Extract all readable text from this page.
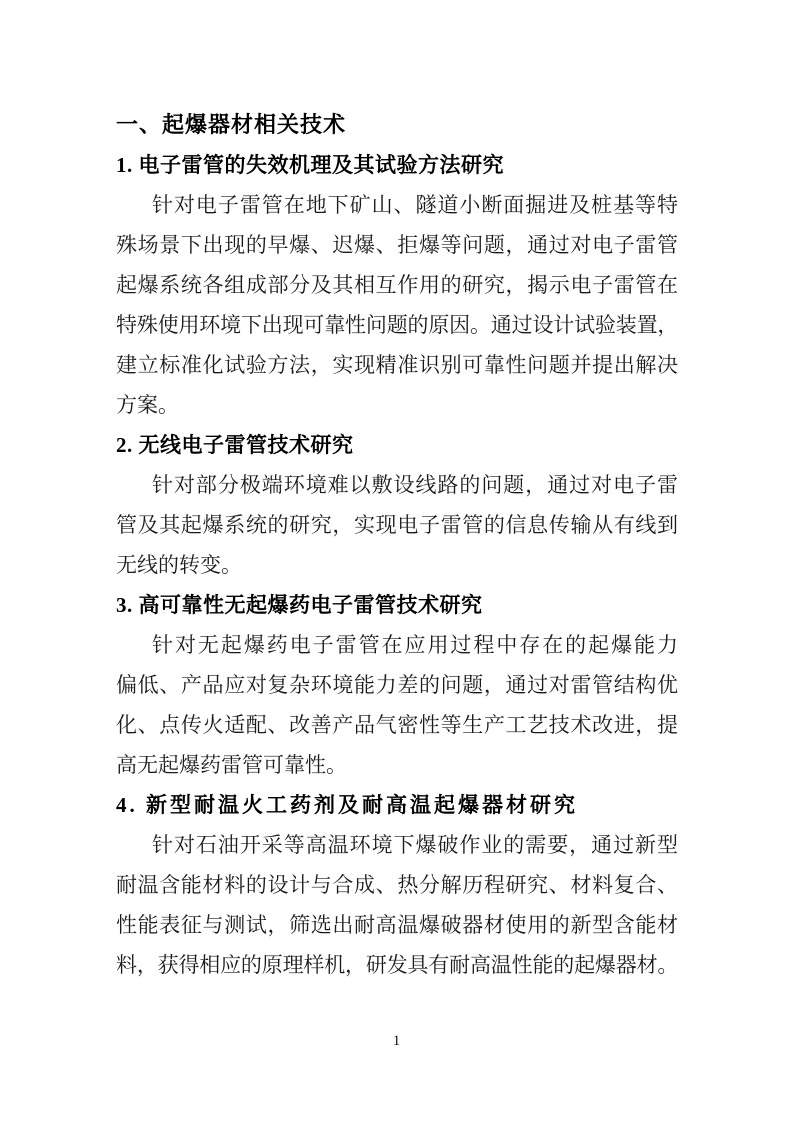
一、起爆器材相关技术
1. 电子雷管的失效机理及其试验方法研究
针对电子雷管在地下矿山、隧道小断面掘进及桩基等特
殊场景下出现的早爆、迟爆、拒爆等问题，通过对电子雷管
起爆系统各组成部分及其相互作用的研究，揭示电子雷管在
特殊使用环境下出现可靠性问题的原因。通过设计试验装置，
建立标准化试验方法，实现精准识别可靠性问题并提出解决
方案。
2. 无线电子雷管技术研究
针对部分极端环境难以敷设线路的问题，通过对电子雷
管及其起爆系统的研究，实现电子雷管的信息传输从有线到
无线的转变。
3. 高可靠性无起爆药电子雷管技术研究
针对无起爆药电子雷管在应用过程中存在的起爆能力
偏低、产品应对复杂环境能力差的问题，通过对雷管结构优
化、点传火适配、改善产品气密性等生产工艺技术改进，提
高无起爆药雷管可靠性。
4. 新型耐温火工药剂及耐高温起爆器材研究
针对石油开采等高温环境下爆破作业的需要，通过新型
耐温含能材料的设计与合成、热分解历程研究、材料复合、
性能表征与测试，筛选出耐高温爆破器材使用的新型含能材
料，获得相应的原理样机，研发具有耐高温性能的起爆器材。
1
